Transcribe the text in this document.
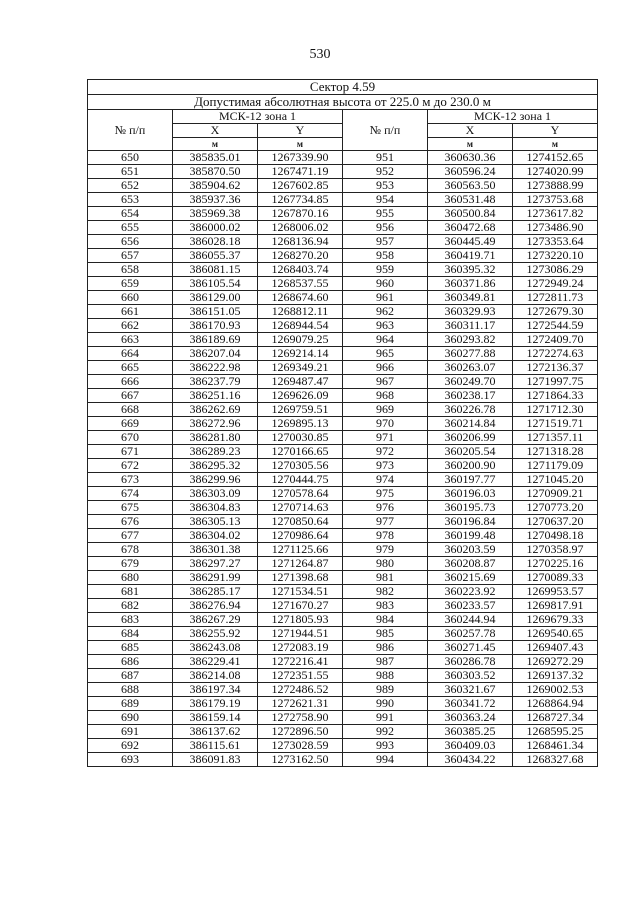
530
Сектор 4.59					
Допустимая абсолютная высота от 225.0 м до 230.0 м					
№ п/п	МСК-12 зона 1		№ п/п	МСК-12 зона 1	
	X	Y		X	Y
	м	м		м	м
650	385835.01	1267339.90	951	360630.36	1274152.65
651	385870.50	1267471.19	952	360596.24	1274020.99
652	385904.62	1267602.85	953	360563.50	1273888.99
653	385937.36	1267734.85	954	360531.48	1273753.68
654	385969.38	1267870.16	955	360500.84	1273617.82
655	386000.02	1268006.02	956	360472.68	1273486.90
656	386028.18	1268136.94	957	360445.49	1273353.64
657	386055.37	1268270.20	958	360419.71	1273220.10
658	386081.15	1268403.74	959	360395.32	1273086.29
659	386105.54	1268537.55	960	360371.86	1272949.24
660	386129.00	1268674.60	961	360349.81	1272811.73
661	386151.05	1268812.11	962	360329.93	1272679.30
662	386170.93	1268944.54	963	360311.17	1272544.59
663	386189.69	1269079.25	964	360293.82	1272409.70
664	386207.04	1269214.14	965	360277.88	1272274.63
665	386222.98	1269349.21	966	360263.07	1272136.37
666	386237.79	1269487.47	967	360249.70	1271997.75
667	386251.16	1269626.09	968	360238.17	1271864.33
668	386262.69	1269759.51	969	360226.78	1271712.30
669	386272.96	1269895.13	970	360214.84	1271519.71
670	386281.80	1270030.85	971	360206.99	1271357.11
671	386289.23	1270166.65	972	360205.54	1271318.28
672	386295.32	1270305.56	973	360200.90	1271179.09
673	386299.96	1270444.75	974	360197.77	1271045.20
674	386303.09	1270578.64	975	360196.03	1270909.21
675	386304.83	1270714.63	976	360195.73	1270773.20
676	386305.13	1270850.64	977	360196.84	1270637.20
677	386304.02	1270986.64	978	360199.48	1270498.18
678	386301.38	1271125.66	979	360203.59	1270358.97
679	386297.27	1271264.87	980	360208.87	1270225.16
680	386291.99	1271398.68	981	360215.69	1270089.33
681	386285.17	1271534.51	982	360223.92	1269953.57
682	386276.94	1271670.27	983	360233.57	1269817.91
683	386267.29	1271805.93	984	360244.94	1269679.33
684	386255.92	1271944.51	985	360257.78	1269540.65
685	386243.08	1272083.19	986	360271.45	1269407.43
686	386229.41	1272216.41	987	360286.78	1269272.29
687	386214.08	1272351.55	988	360303.52	1269137.32
688	386197.34	1272486.52	989	360321.67	1269002.53
689	386179.19	1272621.31	990	360341.72	1268864.94
690	386159.14	1272758.90	991	360363.24	1268727.34
691	386137.62	1272896.50	992	360385.25	1268595.25
692	386115.61	1273028.59	993	360409.03	1268461.34
693	386091.83	1273162.50	994	360434.22	1268327.68
